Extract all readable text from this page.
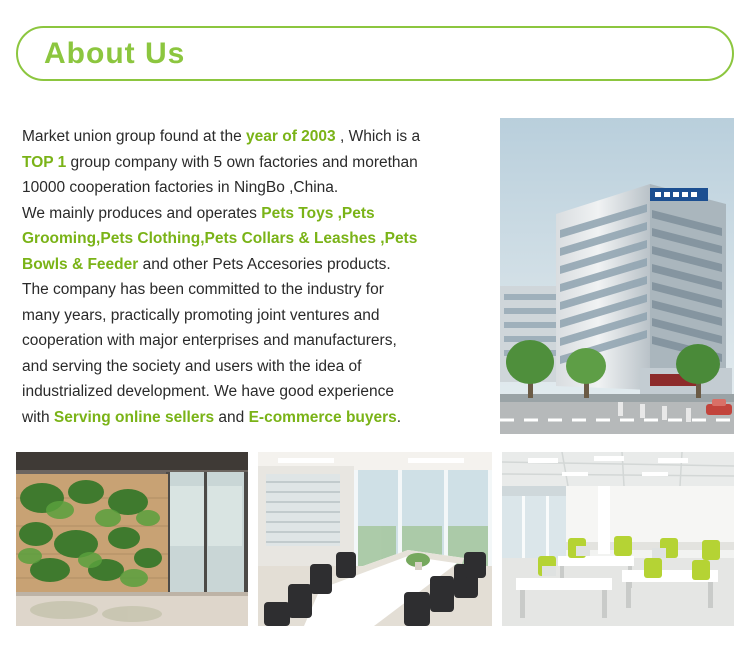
About Us

Market union group found at the year of 2003 , Which is a

TOP 1 group company with 5 own factories and morethan

10000 cooperation factories in NingBo ,China.

We mainly produces and operates Pets Toys ,Pets

Grooming,Pets Clothing,Pets Collars & Leashes ,Pets

Bowls & Feeder and other Pets Accesories products.

The company has been committed to the industry for

many years, practically promoting joint ventures and

cooperation with major enterprises and manufacturers,

and serving the society and users with the idea of

industrialized development. We have good experience

with Serving online sellers and E-commerce buyers.
